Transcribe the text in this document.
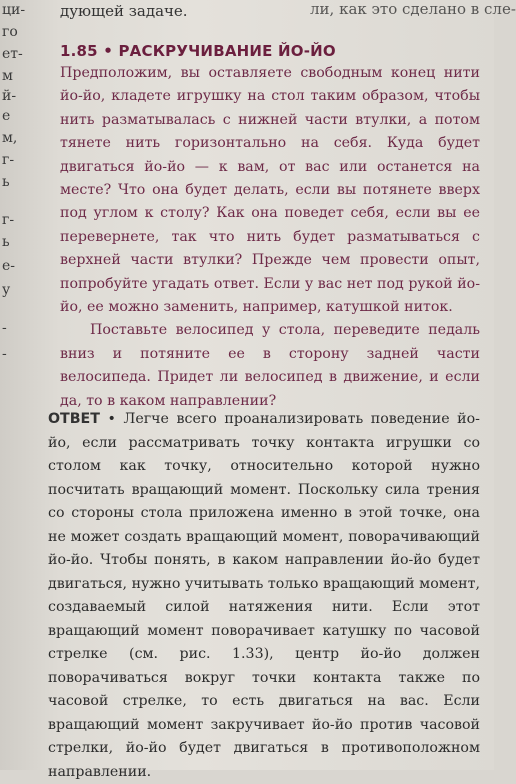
ци-
го
ет-
м
й-
е
м,
г-
ь
г-
ь
е-
у
-
-
дующей задаче.	ли, как это сделано в сле-
1.85 • РАСКРУЧИВАНИЕ ЙО-ЙО

Предположим, вы оставляете свободным конец нити йо-йо, кладете игрушку на стол таким образом, чтобы нить разматывалась с нижней части втулки, а потом тянете нить горизонтально на себя. Куда будет двигаться йо-йо — к вам, от вас или останется на месте? Что она будет делать, если вы потянете вверх под углом к столу? Как она поведет себя, если вы ее перевернете, так что нить будет разматываться с верхней части втулки? Прежде чем провести опыт, попробуйте угадать ответ. Если у вас нет под рукой йо-йо, ее можно заменить, например, катушкой ниток.

Поставьте велосипед у стола, переведите педаль вниз и потяните ее в сторону задней части велосипеда. Придет ли велосипед в движение, и если да, то в каком направлении?

ОТВЕТ • Легче всего проанализировать поведение йо-йо, если рассматривать точку контакта игрушки со столом как точку, относительно которой нужно посчитать вращающий момент. Поскольку сила трения со стороны стола приложена именно в этой точке, она не может создать вращающий момент, поворачивающий йо-йо. Чтобы понять, в каком направлении йо-йо будет двигаться, нужно учитывать только вращающий момент, создаваемый силой натяжения нити. Если этот вращающий момент поворачивает катушку по часовой стрелке (см. рис. 1.33), центр йо-йо должен поворачиваться вокруг точки контакта также по часовой стрелке, то есть двигаться на вас. Если вращающий момент закручивает йо-йо против часовой стрелки, йо-йо будет двигаться в противоположном направлении.
